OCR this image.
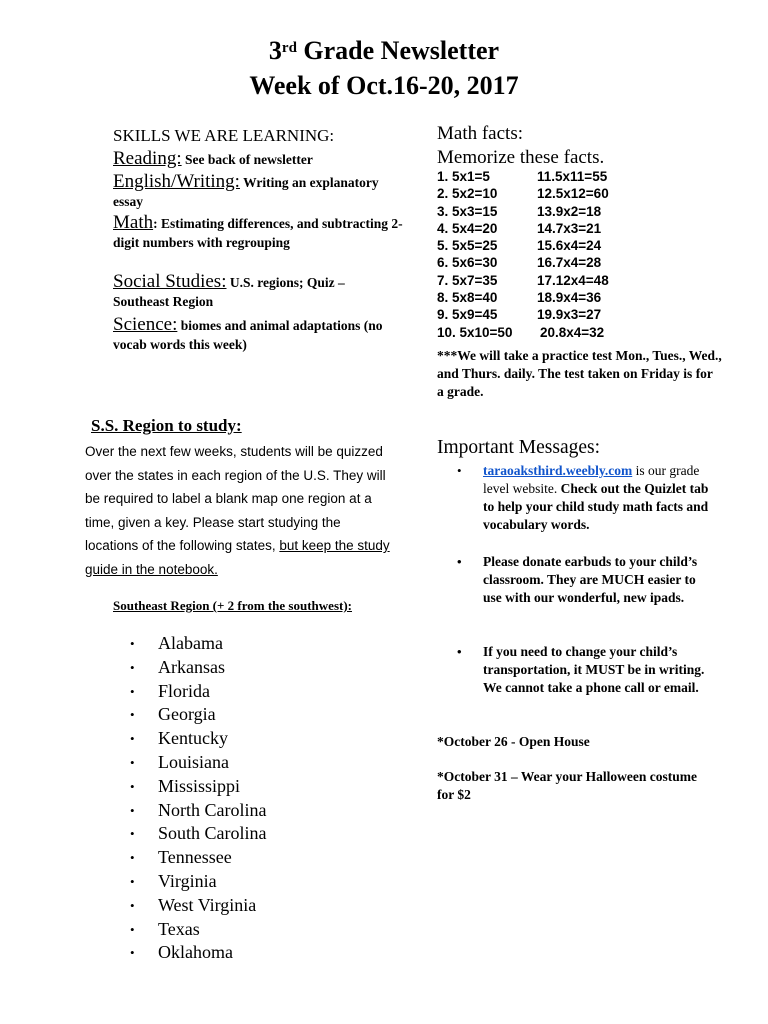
3rd Grade Newsletter
Week of Oct.16-20, 2017
SKILLS WE ARE LEARNING:
Reading: See back of newsletter
English/Writing: Writing an explanatory essay
Math: Estimating differences, and subtracting 2-digit numbers with regrouping
Social Studies: U.S. regions; Quiz – Southeast Region
Science: biomes and animal adaptations (no vocab words this week)
Math facts:
Memorize these facts.
1. 5x1=5	11.5x11=55
2. 5x2=10	12.5x12=60
3. 5x3=15	13.9x2=18
4. 5x4=20	14.7x3=21
5. 5x5=25	15.6x4=24
6. 5x6=30	16.7x4=28
7. 5x7=35	17.12x4=48
8. 5x8=40	18.9x4=36
9. 5x9=45	19.9x3=27
10. 5x10=50	20.8x4=32
***We will take a practice test Mon., Tues., Wed., and Thurs. daily. The test taken on Friday is for a grade.
S.S. Region to study:
Over the next few weeks, students will be quizzed over the states in each region of the U.S. They will be required to label a blank map one region at a time, given a key. Please start studying the locations of the following states, but keep the study guide in the notebook.
Southeast Region (+ 2 from the southwest):
•	Alabama
•	Arkansas
•	Florida
•	Georgia
•	Kentucky
•	Louisiana
•	Mississippi
•	North Carolina
•	South Carolina
•	Tennessee
•	Virginia
•	West Virginia
•	Texas
•	Oklahoma
Important Messages:
• taraoaksthird.weebly.com is our grade level website. Check out the Quizlet tab to help your child study math facts and vocabulary words.
• Please donate earbuds to your child’s classroom. They are MUCH easier to use with our wonderful, new ipads.
• If you need to change your child’s transportation, it MUST be in writing. We cannot take a phone call or email.
*October 26 - Open House
*October 31 – Wear your Halloween costume for $2
